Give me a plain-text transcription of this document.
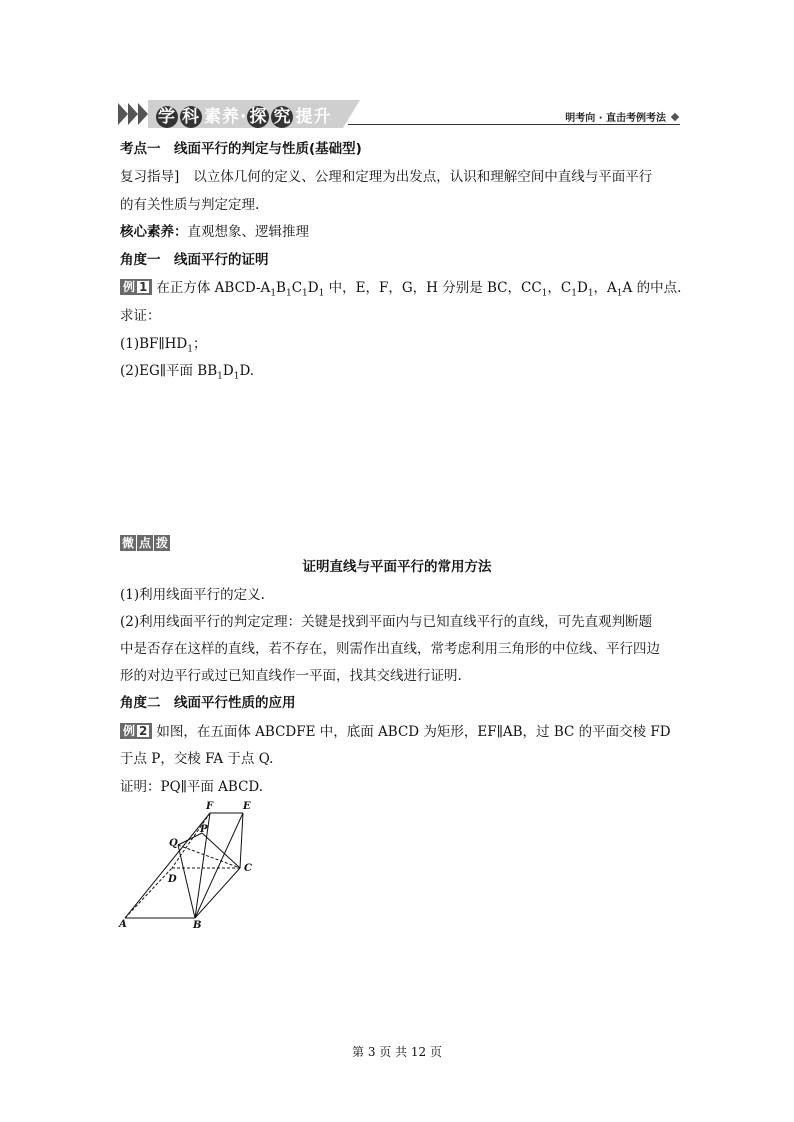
学 科 素养· 探 究 提升	明考向 · 直击考例考法
考点一　线面平行的判定与性质(基础型)
复习指导] 以立体几何的定义、公理和定理为出发点，认识和理解空间中直线与平面平行
的有关性质与判定定理.
核心素养：直观想象、逻辑推理
角度一　线面平行的证明
例 1 在正方体 ABCD-$A_1B_1C_1D_1$ 中，E，F，G，H 分别是 BC，$CC_1$，$C_1D_1$，$A_1A$ 的中点.
求证：
$(1)BF\parallel HD_1$；
(2)EG∥平面 $BB_1D_1D$.
微 点 拨
证明直线与平面平行的常用方法
(1)利用线面平行的定义.
(2)利用线面平行的判定定理：关键是找到平面内与已知直线平行的直线，可先直观判断题
中是否存在这样的直线，若不存在，则需作出直线，常考虑利用三角形的中位线、平行四边
形的对边平行或过已知直线作一平面，找其交线进行证明.
角度二　线面平行性质的应用
例 2 如图，在五面体 ABCDFE 中，底面 ABCD 为矩形，EF∥AB，过 BC 的平面交棱 FD
于点 P，交棱 FA 于点 Q.
证明：PQ∥平面 ABCD.
F	E
P
Q
D
C
A	B
第 3 页 共 12 页
